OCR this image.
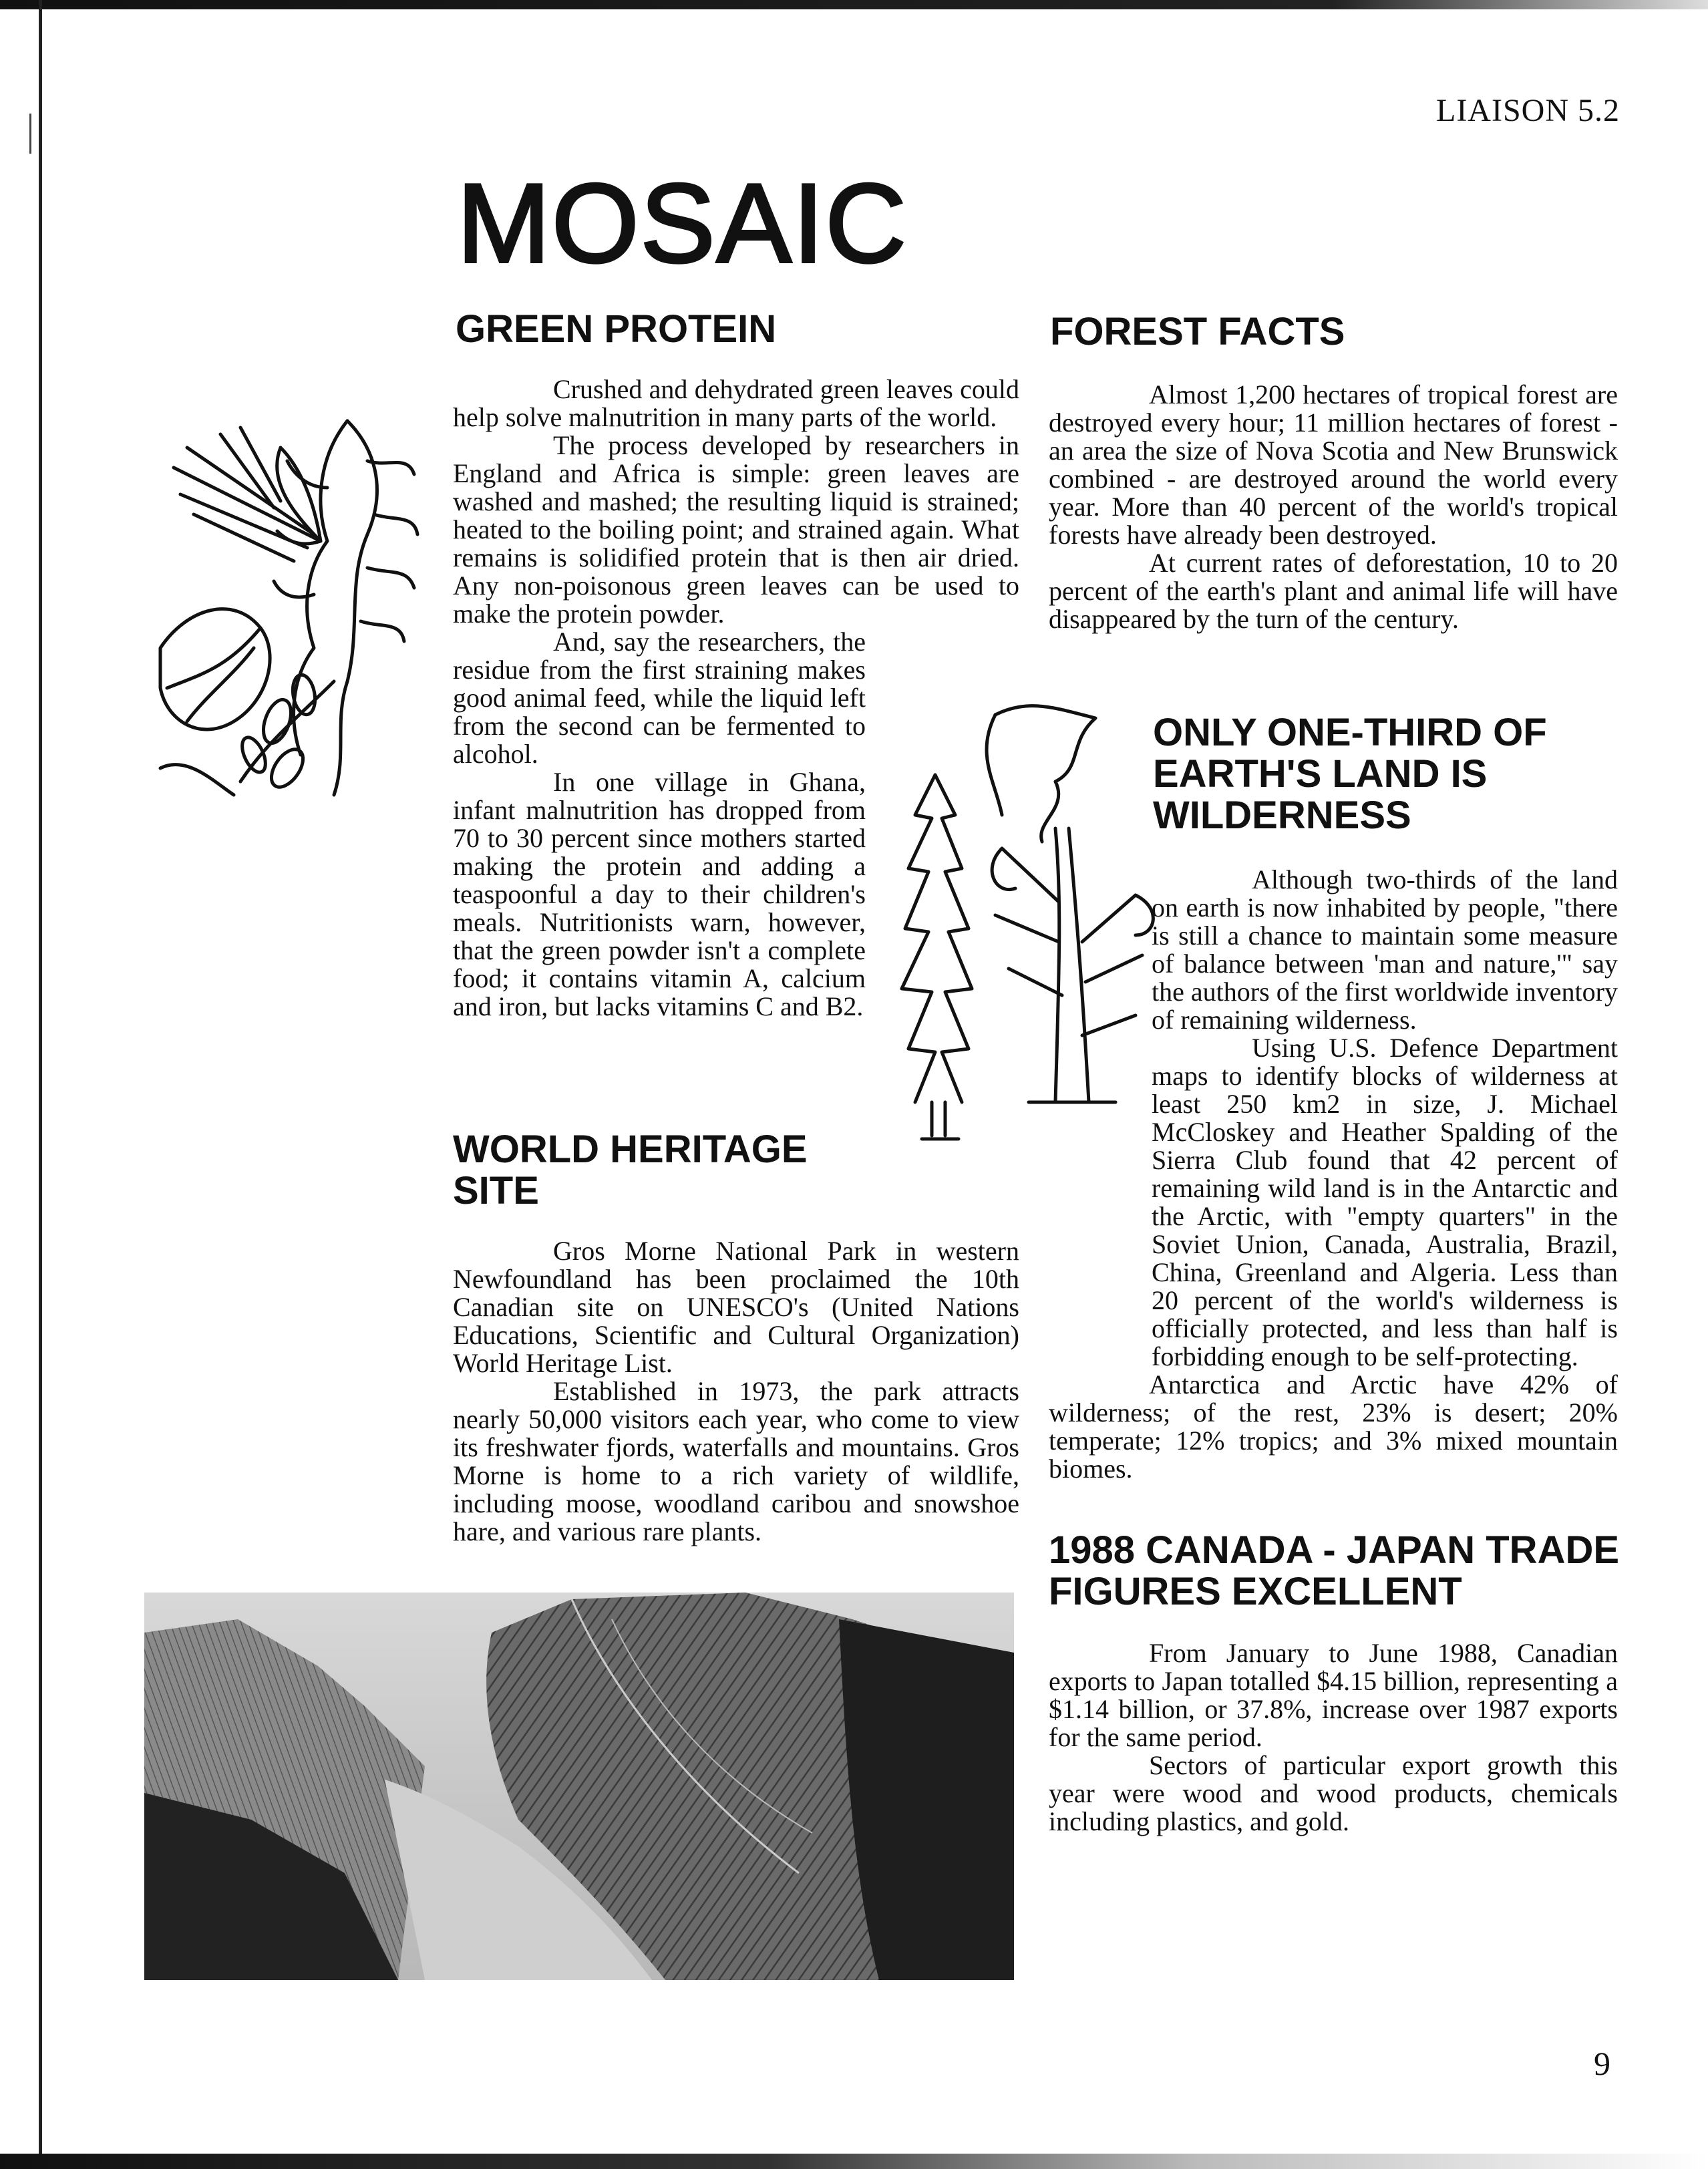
LIAISON 5.2
MOSAIC
GREEN PROTEIN

Crushed and dehydrated green leaves could help solve malnutrition in many parts of the world.

The process developed by researchers in England and Africa is simple: green leaves are washed and mashed; the resulting liquid is strained; heated to the boiling point; and strained again. What remains is solidified protein that is then air dried. Any non-poisonous green leaves can be used to make the protein powder.

And, say the researchers, the residue from the first straining makes good animal feed, while the liquid left from the second can be fermented to alcohol.

In one village in Ghana, infant malnutrition has dropped from 70 to 30 percent since mothers started making the protein and adding a teaspoonful a day to their children's meals. Nutritionists warn, however, that the green powder isn't a complete food; it contains vitamin A, calcium and iron, but lacks vitamins C and B2.

WORLD HERITAGE SITE

Gros Morne National Park in western Newfoundland has been proclaimed the 10th Canadian site on UNESCO's (United Nations Educations, Scientific and Cultural Organization) World Heritage List.

Established in 1973, the park attracts nearly 50,000 visitors each year, who come to view its freshwater fjords, waterfalls and mountains. Gros Morne is home to a rich variety of wildlife, including moose, woodland caribou and snowshoe hare, and various rare plants.

FOREST FACTS

Almost 1,200 hectares of tropical forest are destroyed every hour; 11 million hectares of forest - an area the size of Nova Scotia and New Brunswick combined - are destroyed around the world every year. More than 40 percent of the world's tropical forests have already been destroyed.

At current rates of deforestation, 10 to 20 percent of the earth's plant and animal life will have disappeared by the turn of the century.

ONLY ONE-THIRD OF EARTH'S LAND IS WILDERNESS

Although two-thirds of the land on earth is now inhabited by people, "there is still a chance to maintain some measure of balance between 'man and nature,'" say the authors of the first worldwide inventory of remaining wilderness.

Using U.S. Defence Department maps to identify blocks of wilderness at least 250 km2 in size, J. Michael McCloskey and Heather Spalding of the Sierra Club found that 42 percent of remaining wild land is in the Antarctic and the Arctic, with "empty quarters" in the Soviet Union, Canada, Australia, Brazil, China, Greenland and Algeria. Less than 20 percent of the world's wilderness is officially protected, and less than half is forbidding enough to be self-protecting.

Antarctica and Arctic have 42% of wilderness; of the rest, 23% is desert; 20% temperate; 12% tropics; and 3% mixed mountain biomes.

1988 CANADA - JAPAN TRADE FIGURES EXCELLENT

From January to June 1988, Canadian exports to Japan totalled $4.15 billion, representing a $1.14 billion, or 37.8%, increase over 1987 exports for the same period.

Sectors of particular export growth this year were wood and wood products, chemicals including plastics, and gold.

9
